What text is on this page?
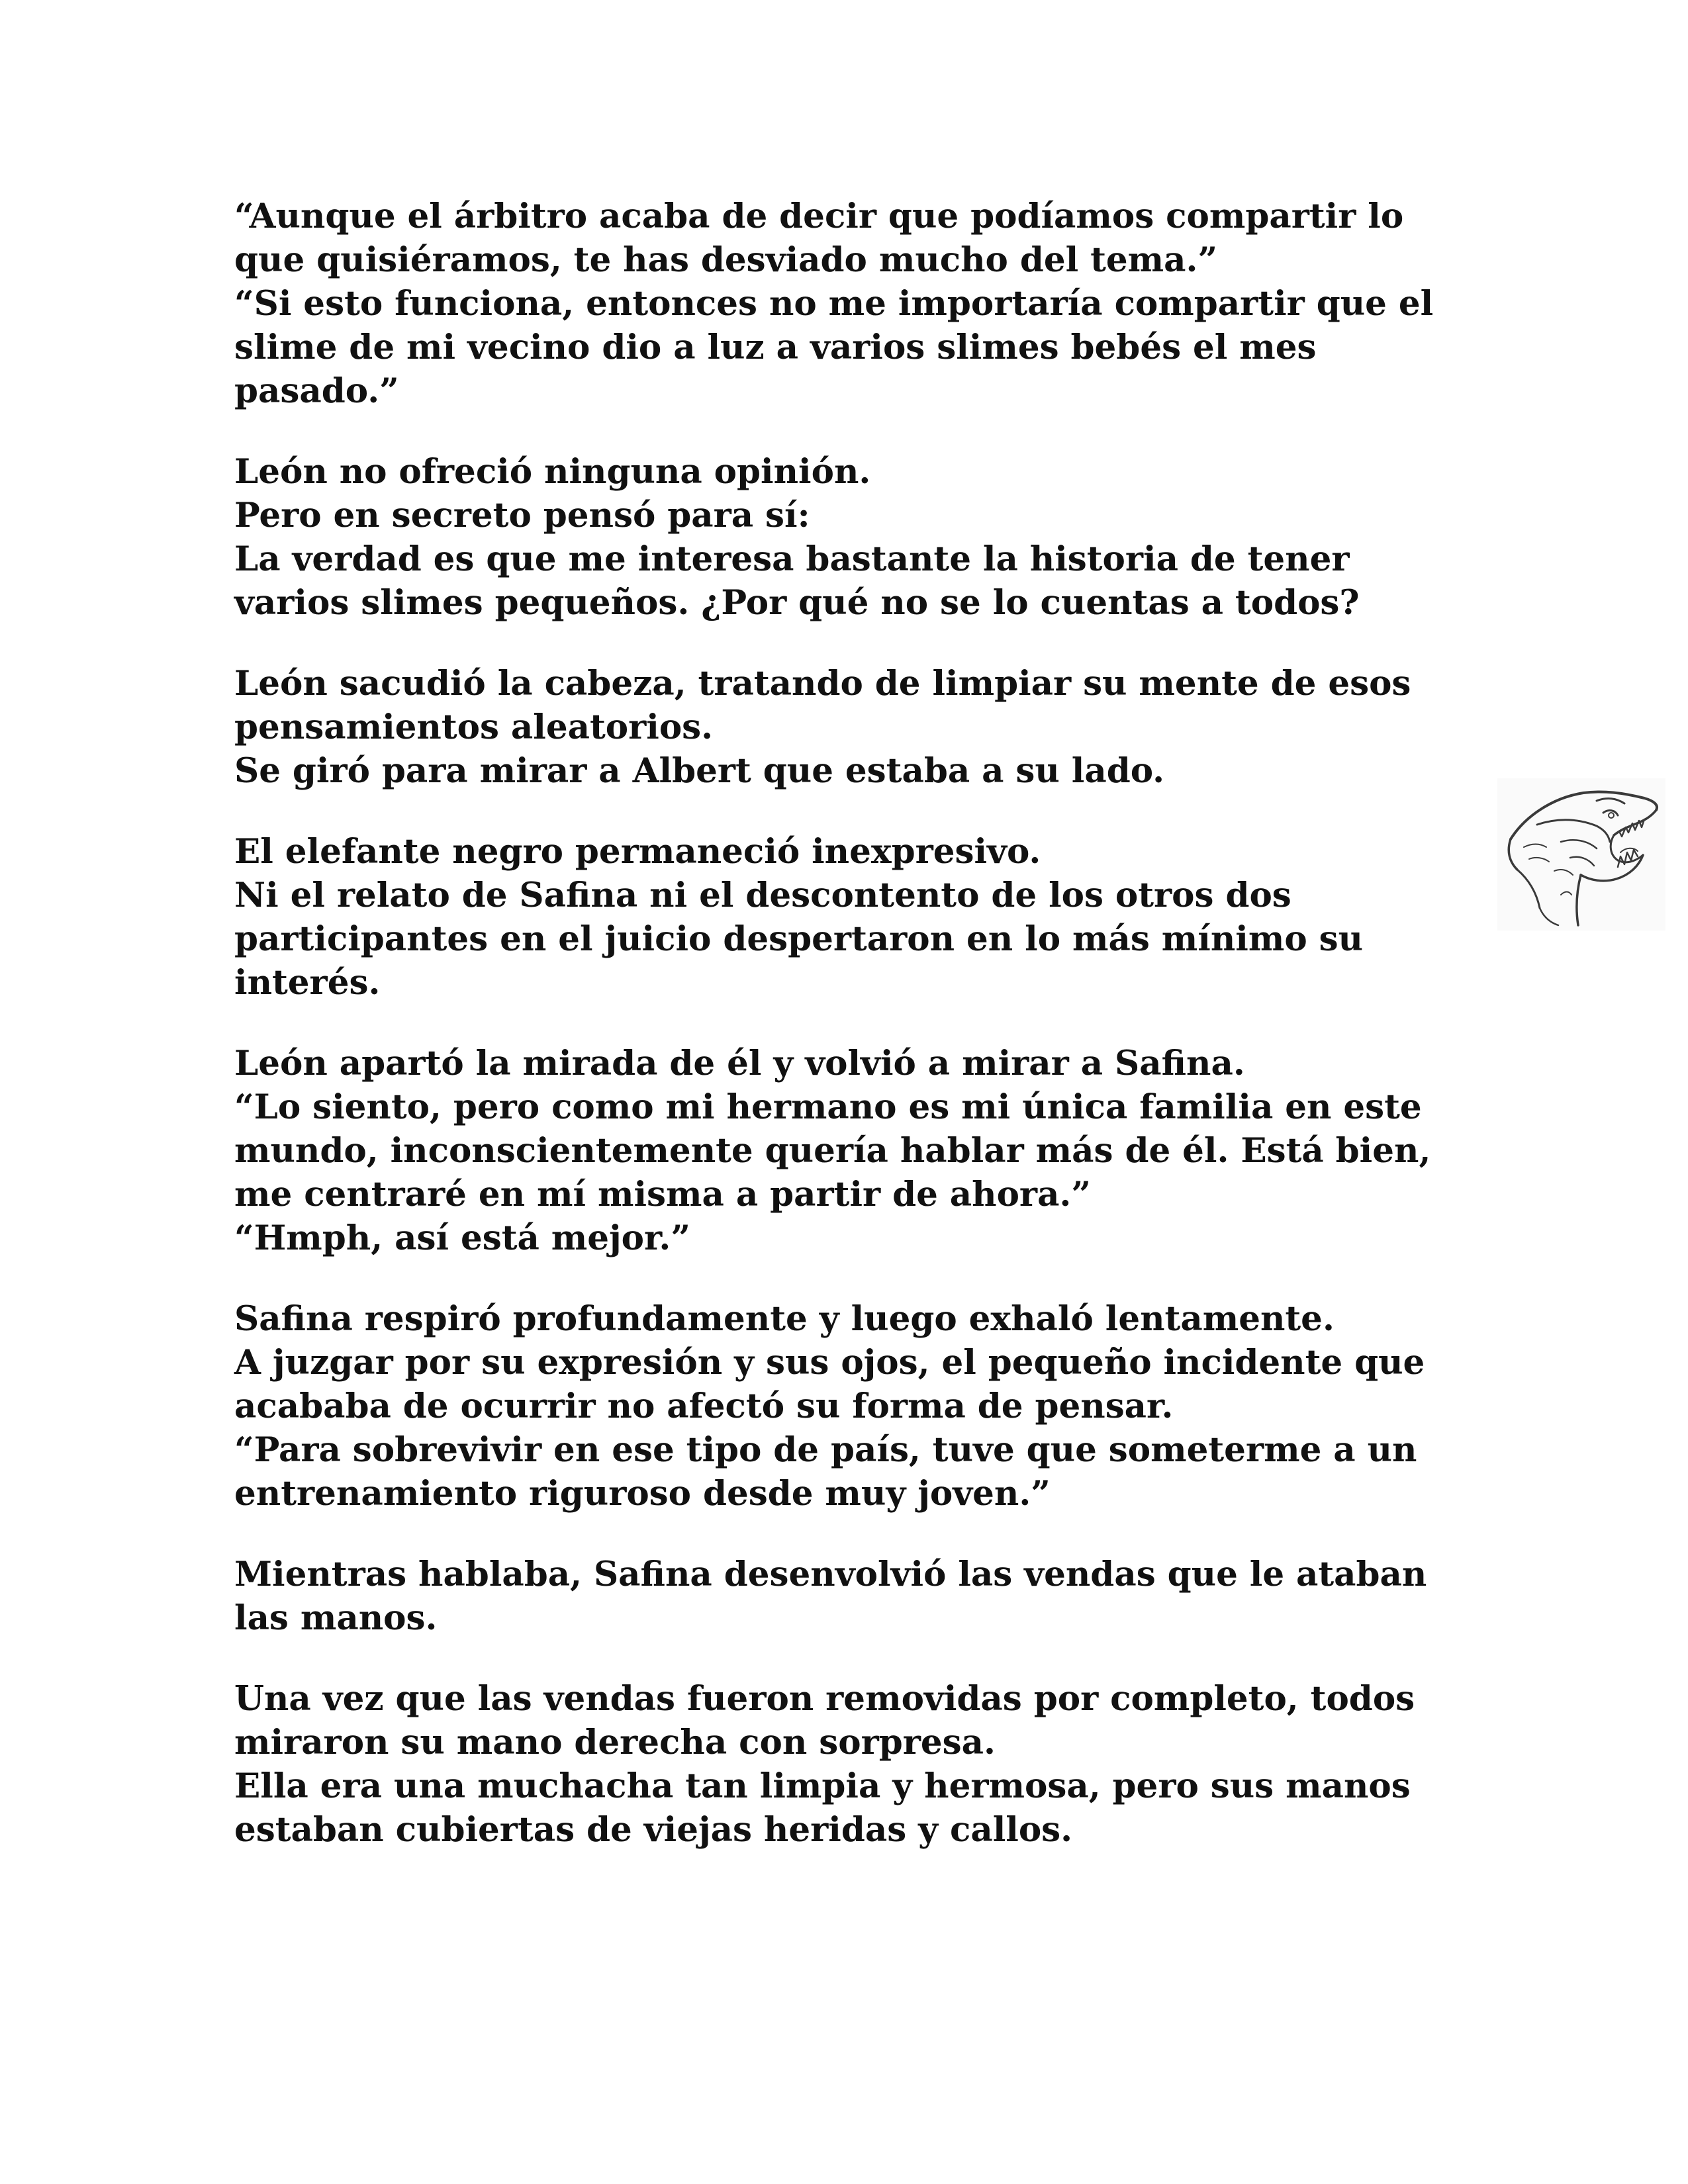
“Aunque el árbitro acaba de decir que podíamos compartir lo
que quisiéramos, te has desviado mucho del tema.”
“Si esto funciona, entonces no me importaría compartir que el
slime de mi vecino dio a luz a varios slimes bebés el mes
pasado.”

León no ofreció ninguna opinión.
Pero en secreto pensó para sí:
La verdad es que me interesa bastante la historia de tener
varios slimes pequeños. ¿Por qué no se lo cuentas a todos?

León sacudió la cabeza, tratando de limpiar su mente de esos
pensamientos aleatorios.
Se giró para mirar a Albert que estaba a su lado.

El elefante negro permaneció inexpresivo.
Ni el relato de Safina ni el descontento de los otros dos
participantes en el juicio despertaron en lo más mínimo su
interés.

León apartó la mirada de él y volvió a mirar a Safina.
“Lo siento, pero como mi hermano es mi única familia en este
mundo, inconscientemente quería hablar más de él. Está bien,
me centraré en mí misma a partir de ahora.”
“Hmph, así está mejor.”

Safina respiró profundamente y luego exhaló lentamente.
A juzgar por su expresión y sus ojos, el pequeño incidente que
acababa de ocurrir no afectó su forma de pensar.
“Para sobrevivir en ese tipo de país, tuve que someterme a un
entrenamiento riguroso desde muy joven.”

Mientras hablaba, Safina desenvolvió las vendas que le ataban
las manos.

Una vez que las vendas fueron removidas por completo, todos
miraron su mano derecha con sorpresa.
Ella era una muchacha tan limpia y hermosa, pero sus manos
estaban cubiertas de viejas heridas y callos.
